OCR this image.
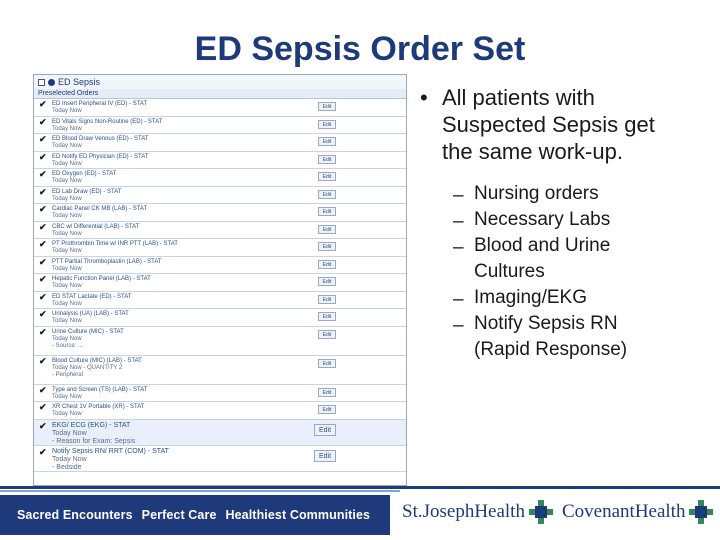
ED Sepsis Order Set
ED Sepsis
Preselected Orders
✔ ED Insert Peripheral IV (ED) - STAT
Today Now
Edit
✔ ED Vitals Signs Non-Routine (ED) - STAT
Today Now
Edit
✔ ED Blood Draw Venous (ED) - STAT
Today Now
Edit
✔ ED Notify ED Physician (ED) - STAT
Today Now
Edit
✔ ED Oxygen (ED) - STAT
Today Now
Edit
✔ ED Lab Draw (ED) - STAT
Today Now
Edit
✔ Cardiac Panel CK MB (LAB) - STAT
Today Now
Edit
✔ CBC w/ Differential (LAB) - STAT
Today Now
Edit
✔ PT Prothrombin Time w/ INR PTT (LAB) - STAT
Today Now
Edit
✔ PTT Partial Thromboplastin (LAB) - STAT
Today Now
Edit
✔ Hepatic Function Panel (LAB) - STAT
Today Now
Edit
✔ ED STAT Lactate (ED) - STAT
Today Now
Edit
✔ Urinalysis (UA) (LAB) - STAT
Today Now
Edit
✔ Urine Culture (MIC) - STAT
Today Now
- Source: ...
Edit
✔ Blood Culture (MIC) (LAB) - STAT
Today Now - QUANTITY 2
- Peripheral
Edit
✔ Type and Screen (TS) (LAB) - STAT
Today Now
Edit
✔ XR Chest 1V Portable (XR) - STAT
Today Now
Edit
✔ EKG/ ECG (EKG) - STAT
Today Now
- Reason for Exam: Sepsis
Edit
✔ Notify Sepsis RN/ RRT (COM) - STAT
Today Now
- Bedside
Edit
• All patients with
Suspected Sepsis get
the same work-up.
– Nursing orders
– Necessary Labs
– Blood and Urine
Cultures
– Imaging/EKG
– Notify Sepsis RN
(Rapid Response)
Sacred Encounters Perfect Care Healthiest Communities St.JosephHealth CovenantHealth
